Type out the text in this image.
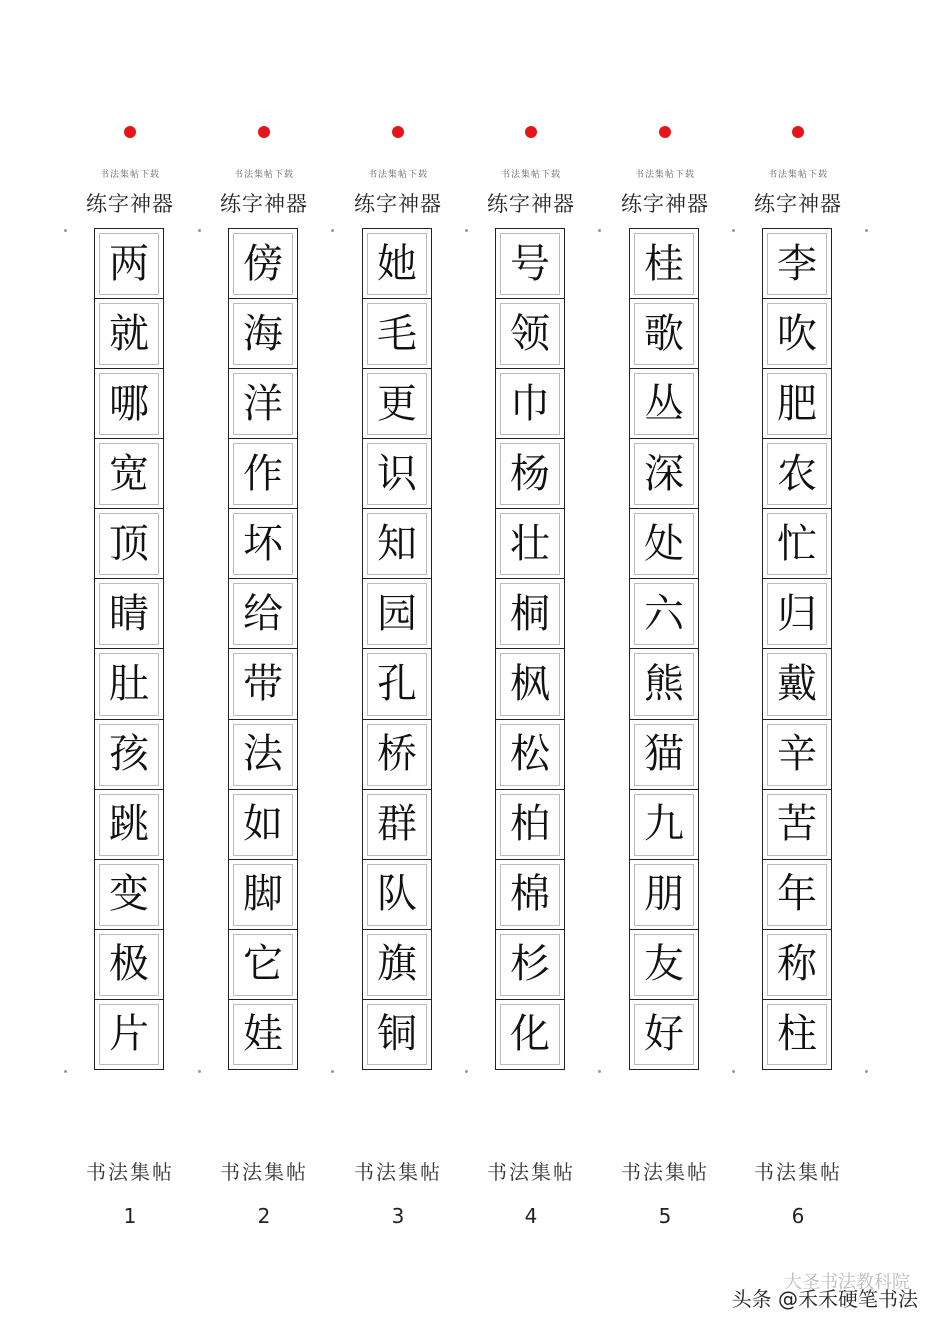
书法集帖下载
练字神器
两
就
哪
宽
顶
睛
肚
孩
跳
变
极
片
书法集帖
1
书法集帖下载
练字神器
傍
海
洋
作
坏
给
带
法
如
脚
它
娃
书法集帖
2
书法集帖下载
练字神器
她
毛
更
识
知
园
孔
桥
群
队
旗
铜
书法集帖
3
书法集帖下载
练字神器
号
领
巾
杨
壮
桐
枫
松
柏
棉
杉
化
书法集帖
4
书法集帖下载
练字神器
桂
歌
丛
深
处
六
熊
猫
九
朋
友
好
书法集帖
5
书法集帖下载
练字神器
李
吹
肥
农
忙
归
戴
辛
苦
年
称
柱
书法集帖
6
大圣书法教科院
头条 @禾禾硬笔书法
